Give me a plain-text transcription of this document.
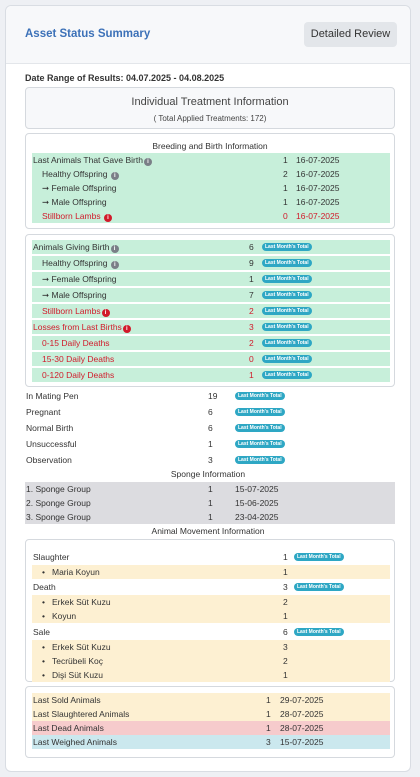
Asset Status Summary	Detailed Review
Date Range of Results: 04.07.2025 - 04.08.2025
Individual Treatment Information
( Total Applied Treatments: 172)
Breeding and Birth Information
Last Animals That Gave Birth i	1 16-07-2025
Healthy Offspring i	2 16-07-2025
➞ Female Offspring	1 16-07-2025
➞ Male Offspring	1 16-07-2025
Stillborn Lambs i	0 16-07-2025
Animals Giving Birth i	6	Last Month's Total
Healthy Offspring i	9	Last Month's Total
➞ Female Offspring	1	Last Month's Total
➞ Male Offspring	7	Last Month's Total
Stillborn Lambs i	2	Last Month's Total
Losses from Last Births i	3	Last Month's Total
0-15 Daily Deaths	2	Last Month's Total
15-30 Daily Deaths	0	Last Month's Total
0-120 Daily Deaths	1	Last Month's Total
In Mating Pen	19	Last Month's Total
Pregnant	6	Last Month's Total
Normal Birth	6	Last Month's Total
Unsuccessful	1	Last Month's Total
Observation	3	Last Month's Total
Sponge Information
1. Sponge Group	1	15-07-2025
2. Sponge Group	1	15-06-2025
3. Sponge Group	1	23-04-2025
Animal Movement Information
Slaughter	1	Last Month's Total
• Maria Koyun	1
Death	3	Last Month's Total
• Erkek Süt Kuzu	2
• Koyun	1
Sale	6	Last Month's Total
• Erkek Süt Kuzu	3
• Tecrübeli Koç	2
• Dişi Süt Kuzu	1
Last Sold Animals	1 29-07-2025
Last Slaughtered Animals	1 28-07-2025
Last Dead Animals	1 28-07-2025
Last Weighed Animals	3 15-07-2025
